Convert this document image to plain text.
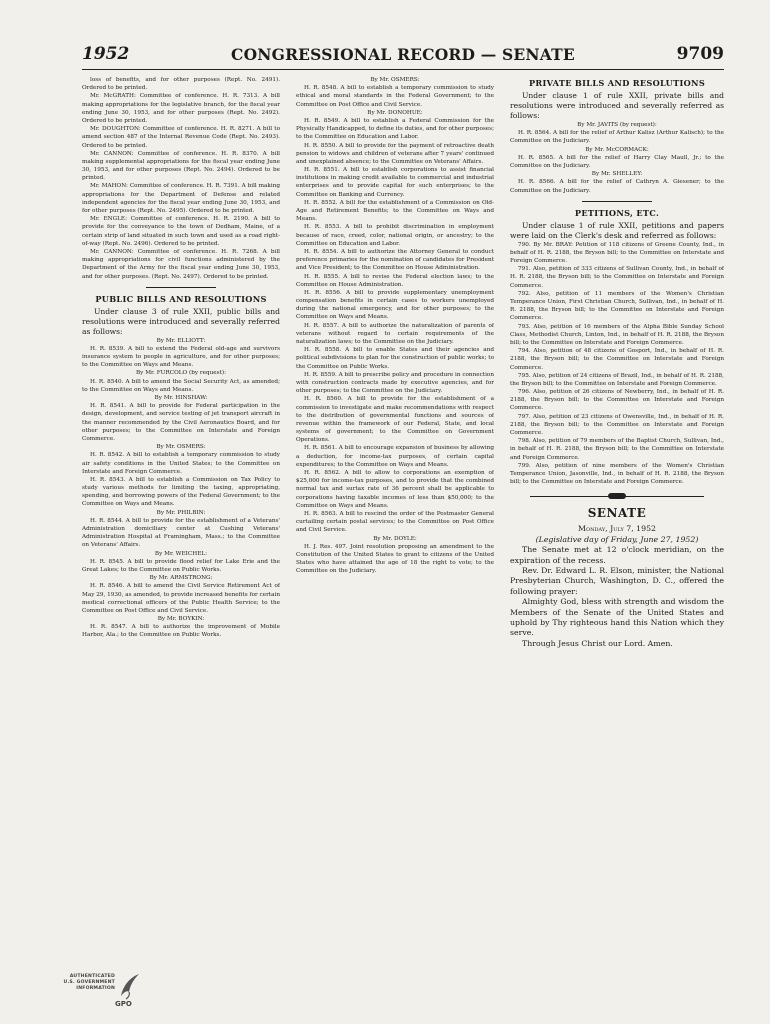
1952	CONGRESSIONAL RECORD — SENATE	9709

loss of benefits, and for other purposes (Rept. No. 2491). Ordered to be printed.

Mr. McGRATH: Committee of conference. H. R. 7313. A bill making appropriations for the legislative branch, for the fiscal year ending June 30, 1953, and for other purposes (Rept. No. 2492). Ordered to be printed.

Mr. DOUGHTON: Committee of conference. H. R. 8271. A bill to amend section 487 of the Internal Revenue Code (Rept. No. 2493). Ordered to be printed.

Mr. CANNON: Committee of conference. H. R. 8370. A bill making supplemental appropriations for the fiscal year ending June 30, 1953, and for other purposes (Rept. No. 2494). Ordered to be printed.

Mr. MAHON: Committee of conference. H. R. 7391. A bill making appropriations for the Department of Defense and related independent agencies for the fiscal year ending June 30, 1953, and for other purposes (Rept. No. 2495). Ordered to be printed.

Mr. ENGLE: Committee of conference. H. R. 2190. A bill to provide for the conveyance to the town of Dedham, Maine, of a certain strip of land situated in such town and used as a road right-of-way (Rept. No. 2496). Ordered to be printed.

Mr. CANNON: Committee of conference. H. R. 7268. A bill making appropriations for civil functions administered by the Department of the Army for the fiscal year ending June 30, 1953, and for other purposes. (Rept. No. 2497). Ordered to be printed.

PUBLIC BILLS AND RESOLUTIONS

Under clause 3 of rule XXII, public bills and resolutions were introduced and severally referred as follows:

By Mr. ELLIOTT:

H. R. 8539. A bill to extend the Federal old-age and survivors insurance system to people in agriculture, and for other purposes; to the Committee on Ways and Means.

By Mr. FURCOLO (by request):

H. R. 8540. A bill to amend the Social Security Act, as amended; to the Committee on Ways and Means.

By Mr. HINSHAW:

H. R. 8541. A bill to provide for Federal participation in the design, development, and service testing of jet transport aircraft in the manner recommended by the Civil Aeronautics Board, and for other purposes; to the Committee on Interstate and Foreign Commerce.

By Mr. OSMERS:

H. R. 8542. A bill to establish a temporary commission to study air safety conditions in the United States; to the Committee on Interstate and Foreign Commerce.

H. R. 8543. A bill to establish a Commission on Tax Policy to study various methods for limiting the taxing, appropriating, spending, and borrowing powers of the Federal Government; to the Committee on Ways and Means.

By Mr. PHILBIN:

H. R. 8544. A bill to provide for the establishment of a Veterans' Administration domiciliary center at Cushing Veterans' Administration Hospital at Framingham, Mass.; to the Committee on Veterans' Affairs.

By Mr. WEICHEL:

H. R. 8545. A bill to provide flood relief for Lake Erie and the Great Lakes; to the Committee on Public Works.

By Mr. ARMSTRONG:

H. R. 8546. A bill to amend the Civil Service Retirement Act of May 29, 1930, as amended, to provide increased benefits for certain medical correctional officers of the Public Health Service; to the Committee on Post Office and Civil Service.

By Mr. BOYKIN:

H. R. 8547. A bill to authorize the improvement of Mobile Harbor, Ala.; to the Committee on Public Works.

By Mr. OSMERS:

H. R. 8548. A bill to establish a temporary commission to study ethical and moral standards in the Federal Government; to the Committee on Post Office and Civil Service.

By Mr. DONOHUE:

H. R. 8549. A bill to establish a Federal Commission for the Physically Handicapped, to define its duties, and for other purposes; to the Committee on Education and Labor.

H. R. 8550. A bill to provide for the payment of retroactive death pension to widows and children of veterans after 7 years' continued and unexplained absence; to the Committee on Veterans' Affairs.

H. R. 8551. A bill to establish corporations to assist financial institutions in making credit available to commercial and industrial enterprises and to provide capital for such enterprises; to the Committee on Banking and Currency.

H. R. 8552. A bill for the establishment of a Commission on Old-Age and Retirement Benefits; to the Committee on Ways and Means.

H. R. 8553. A bill to prohibit discrimination in employment because of race, creed, color, national origin, or ancestry; to the Committee on Education and Labor.

H. R. 8554. A bill to authorize the Attorney General to conduct preference primaries for the nomination of candidates for President and Vice President; to the Committee on House Administration.

H. R. 8555. A bill to revise the Federal election laws; to the Committee on House Administration.

H. R. 8556. A bill to provide supplementary unemployment compensation benefits in certain cases to workers unemployed during the national emergency, and for other purposes; to the Committee on Ways and Means.

H. R. 8557. A bill to authorize the naturalization of parents of veterans without regard to certain requirements of the naturalization laws; to the Committee on the Judiciary.

H. R. 8558. A bill to enable States and their agencies and political subdivisions to plan for the construction of public works; to the Committee on Public Works.

H. R. 8559. A bill to prescribe policy and procedure in connection with construction contracts made by executive agencies, and for other purposes; to the Committee on the Judiciary.

H. R. 8560. A bill to provide for the establishment of a commission to investigate and make recommendations with respect to the distribution of governmental functions and sources of revenue within the framework of our Federal, State, and local systems of government; to the Committee on Government Operations.

H. R. 8561. A bill to encourage expansion of business by allowing a deduction, for income-tax purposes, of certain capital expenditures; to the Committee on Ways and Means.

H. R. 8562. A bill to allow to corporations an exemption of $25,000 for income-tax purposes, and to provide that the combined normal tax and surtax rate of 36 percent shall be applicable to corporations having taxable incomes of less than $50,000; to the Committee on Ways and Means.

H. R. 8563. A bill to rescind the order of the Postmaster General curtailing certain postal services; to the Committee on Post Office and Civil Service.

By Mr. DOYLE:

H. J. Res. 497. Joint resolution proposing an amendment to the Constitution of the United States to grant to citizens of the United States who have attained the age of 18 the right to vote; to the Committee on the Judiciary.

PRIVATE BILLS AND RESOLUTIONS

Under clause 1 of rule XXII, private bills and resolutions were introduced and severally referred as follows:

By Mr. JAVITS (by request):

H. R. 8564. A bill for the relief of Arthur Kalisz (Arthur Kalisch); to the Committee on the Judiciary.

By Mr. McCORMACK:

H. R. 8565. A bill for the relief of Harry Clay Maull, Jr.; to the Committee on the Judiciary.

By Mr. SHELLEY:

H. R. 8566. A bill for the relief of Cathryn A. Giesener; to the Committee on the Judiciary.

PETITIONS, ETC.

Under clause 1 of rule XXII, petitions and papers were laid on the Clerk's desk and referred as follows:

790. By Mr. BRAY: Petition of 118 citizens of Greene County, Ind., in behalf of H. R. 2188, the Bryson bill; to the Committee on Interstate and Foreign Commerce.

791. Also, petition of 333 citizens of Sullivan County, Ind., in behalf of H. R. 2188, the Bryson bill; to the Committee on Interstate and Foreign Commerce.

792. Also, petition of 11 members of the Women's Christian Temperance Union, First Christian Church, Sullivan, Ind., in behalf of H. R. 2188, the Bryson bill; to the Committee on Interstate and Foreign Commerce.

793. Also, petition of 16 members of the Alpha Bible Sunday School Class, Methodist Church, Linton, Ind., in behalf of H. R. 2188, the Bryson bill; to the Committee on Interstate and Foreign Commerce.

794. Also, petition of 48 citizens of Gosport, Ind., in behalf of H. R. 2188, the Bryson bill; to the Committee on Interstate and Foreign Commerce.

795. Also, petition of 24 citizens of Brazil, Ind., in behalf of H. R. 2188, the Bryson bill; to the Committee on Interstate and Foreign Commerce.

796. Also, petition of 26 citizens of Newberry, Ind., in behalf of H. R. 2188, the Bryson bill; to the Committee on Interstate and Foreign Commerce.

797. Also, petition of 23 citizens of Owensville, Ind., in behalf of H. R. 2188, the Bryson bill; to the Committee on Interstate and Foreign Commerce.

798. Also, petition of 79 members of the Baptist Church, Sullivan, Ind., in behalf of H. R. 2188, the Bryson bill; to the Committee on Interstate and Foreign Commerce.

799. Also, petition of nine members of the Women's Christian Temperance Union, Jasonville, Ind., in behalf of H. R. 2188, the Bryson bill; to the Committee on Interstate and Foreign Commerce.

SENATE

Monday, July 7, 1952

(Legislative day of Friday, June 27, 1952)

The Senate met at 12 o'clock meridian, on the expiration of the recess.

Rev. Dr. Edward L. R. Elson, minister, the National Presbyterian Church, Washington, D. C., offered the following prayer:

Almighty God, bless with strength and wisdom the Members of the Senate of the United States and uphold by Thy righteous hand this Nation which they serve.

Through Jesus Christ our Lord. Amen.

AUTHENTICATED U.S. GOVERNMENT INFORMATION
GPO
